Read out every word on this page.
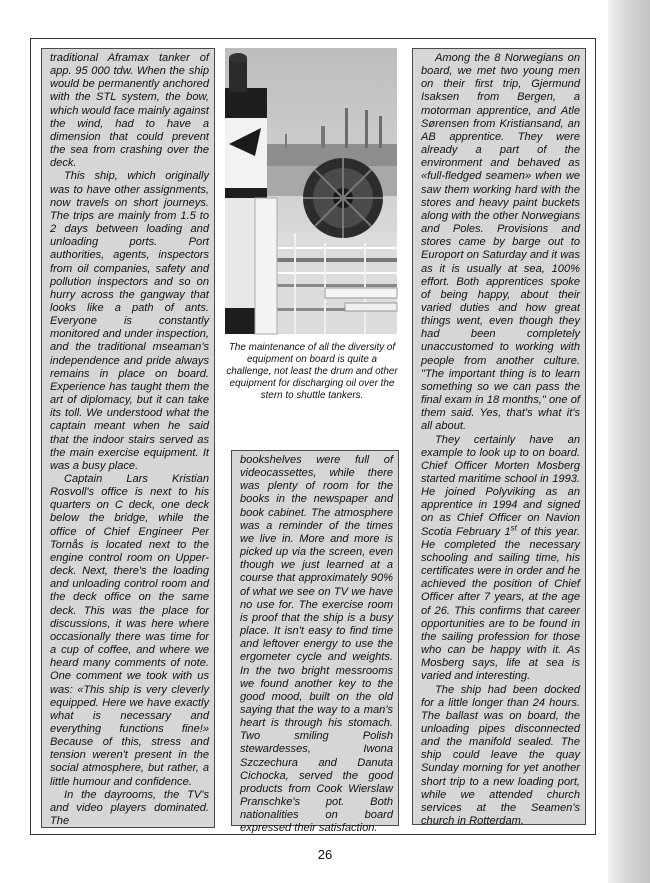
traditional Aframax tanker of app. 95 000 tdw. When the ship would be permanently anchored with the STL system, the bow, which would face mainly against the wind, had to have a dimension that could prevent the sea from crashing over the deck.

This ship, which originally was to have other assignments, now travels on short journeys. The trips are mainly from 1.5 to 2 days between loading and unloading ports. Port authorities, agents, inspectors from oil companies, safety and pollution inspectors and so on hurry across the gangway that looks like a path of ants. Everyone is constantly monitored and under inspection, and the traditional mseaman's independence and pride always remains in place on board. Experience has taught them the art of diplomacy, but it can take its toll. We understood what the captain meant when he said that the indoor stairs served as the main exercise equipment. It was a busy place.

Captain Lars Kristian Rosvoll's office is next to his quarters on C deck, one deck below the bridge, while the office of Chief Engineer Per Tornås is located next to the engine control room on Upper-deck. Next, there's the loading and unloading control room and the deck office on the same deck. This was the place for discussions, it was here where occasionally there was time for a cup of coffee, and where we heard many comments of note. One comment we took with us was: «This ship is very cleverly equipped. Here we have exactly what is necessary and everything functions fine!» Because of this, stress and tension weren't present in the social atmosphere, but rather, a little humour and confidence.

In the dayrooms, the TV's and video players dominated. The

The maintenance of all the diversity of equipment on board is quite a challenge, not least the drum and other equipment for discharging oil over the stern to shuttle tankers.

bookshelves were full of videocassettes, while there was plenty of room for the books in the newspaper and book cabinet. The atmosphere was a reminder of the times we live in. More and more is picked up via the screen, even though we just learned at a course that approximately 90% of what we see on TV we have no use for. The exercise room is proof that the ship is a busy place. It isn't easy to find time and leftover energy to use the ergometer cycle and weights. In the two bright messrooms we found another key to the good mood, built on the old saying that the way to a man's heart is through his stomach. Two smiling Polish stewardesses, Iwona Szczechura and Danuta Cichocka, served the good products from Cook Wierslaw Pranschke's pot. Both nationalities on board expressed their satisfaction.

Among the 8 Norwegians on board, we met two young men on their first trip, Gjermund Isaksen from Bergen, a motorman apprentice, and Atle Sørensen from Kristiansand, an AB apprentice. They were already a part of the environment and behaved as «full-fledged seamen» when we saw them working hard with the stores and heavy paint buckets along with the other Norwegians and Poles. Provisions and stores came by barge out to Europort on Saturday and it was as it is usually at sea, 100% effort. Both apprentices spoke of being happy, about their varied duties and how great things went, even though they had been completely unaccustomed to working with people from another culture. "The important thing is to learn something so we can pass the final exam in 18 months," one of them said. Yes, that's what it's all about.

They certainly have an example to look up to on board. Chief Officer Morten Mosberg started maritime school in 1993. He joined Polyviking as an apprentice in 1994 and signed on as Chief Officer on Navion Scotia February 1st of this year. He completed the necessary schooling and sailing time, his certificates were in order and he achieved the position of Chief Officer after 7 years, at the age of 26. This confirms that career opportunities are to be found in the sailing profession for those who can be happy with it. As Mosberg says, life at sea is varied and interesting.

The ship had been docked for a little longer than 24 hours. The ballast was on board, the unloading pipes disconnected and the manifold sealed. The ship could leave the quay Sunday morning for yet another short trip to a new loading port, while we attended church services at the Seamen's church in Rotterdam.

26
